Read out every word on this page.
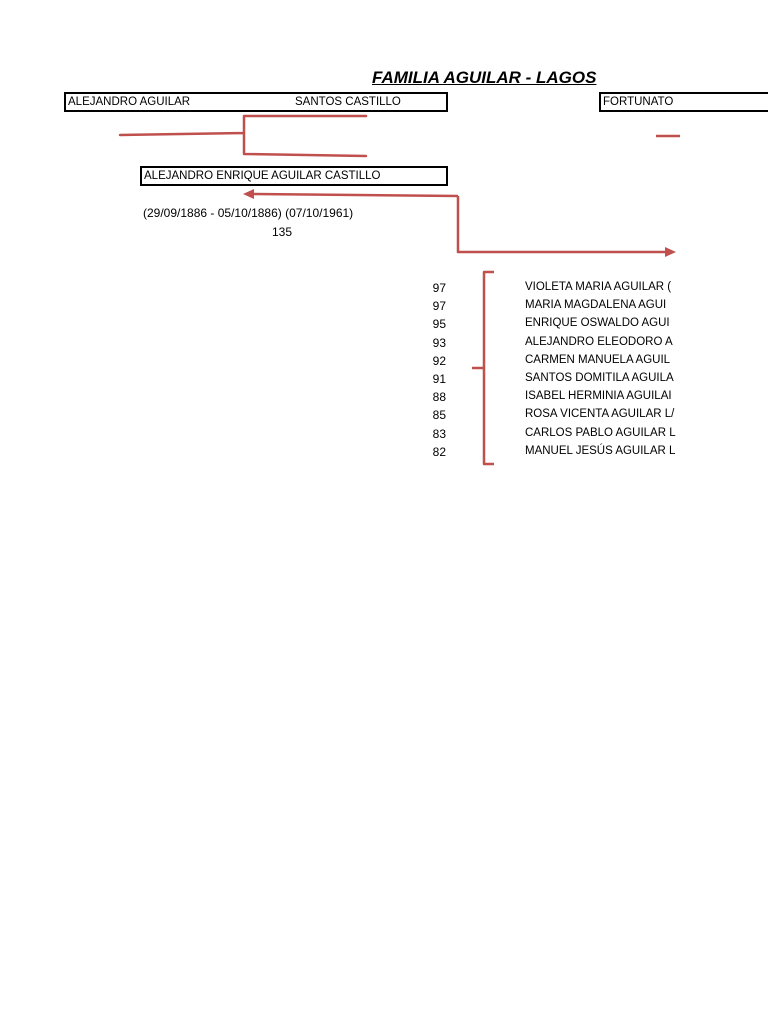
FAMILIA AGUILAR - LAGOS
ALEJANDRO AGUILAR	SANTOS CASTILLO	FORTUNATO
ALEJANDRO ENRIQUE AGUILAR CASTILLO
(29/09/1886 - 05/10/1886) (07/10/1961)
135
97	VIOLETA MARIA AGUILAR (
97	MARIA MAGDALENA AGUI
95	ENRIQUE OSWALDO AGUI
93	ALEJANDRO ELEODORO A
92	CARMEN MANUELA AGUIL
91	SANTOS DOMITILA AGUILA
88	ISABEL HERMINIA AGUILAI
85	ROSA VICENTA AGUILAR L/
83	CARLOS PABLO AGUILAR L
82	MANUEL JESÚS AGUILAR L
